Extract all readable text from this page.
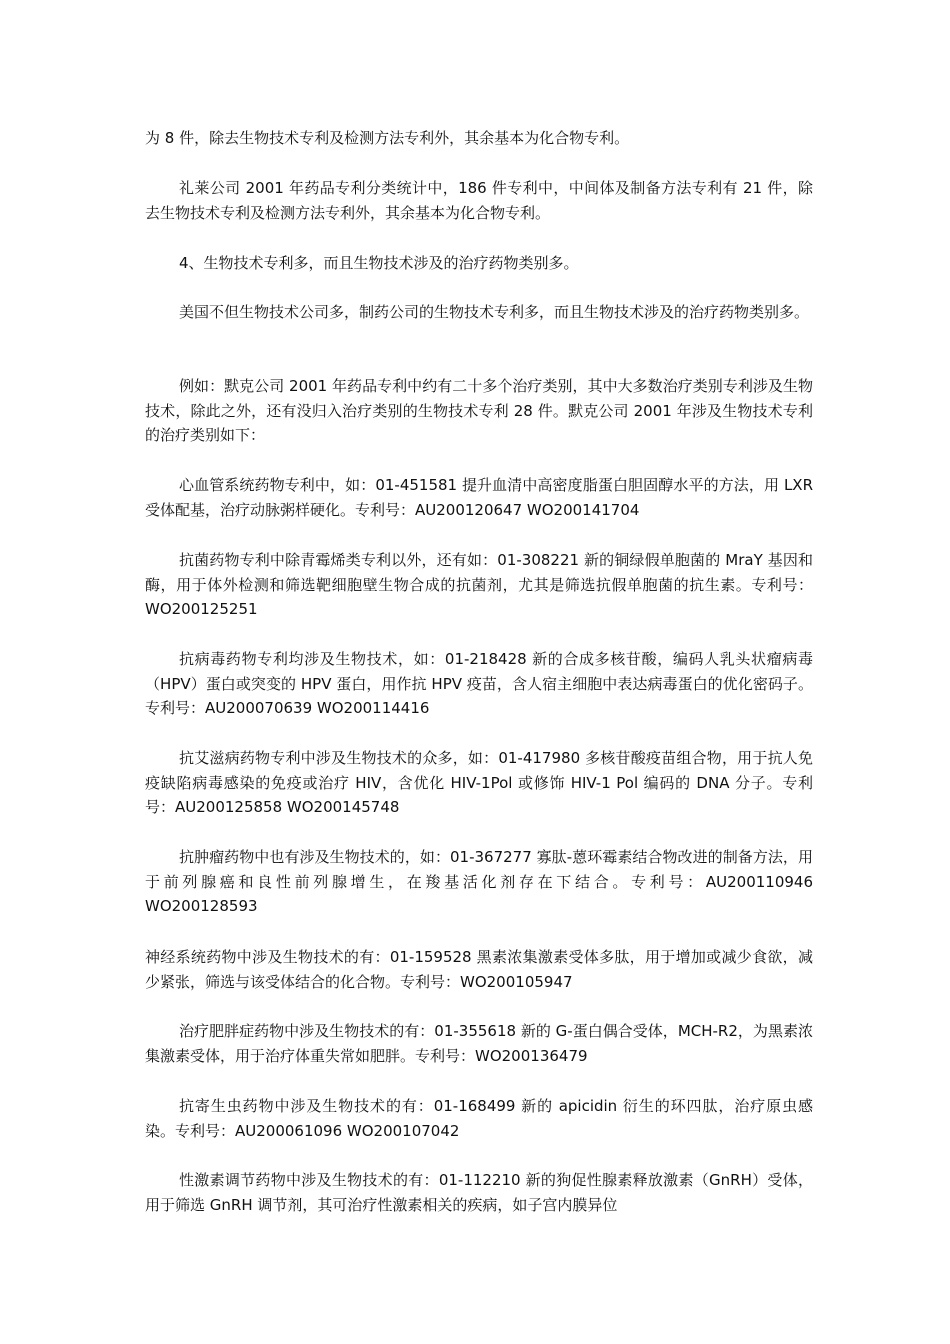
为 8 件，除去生物技术专利及检测方法专利外，其余基本为化合物专利。

礼莱公司 2001 年药品专利分类统计中，186 件专利中，中间体及制备方法专利有 21 件，除去生物技术专利及检测方法专利外，其余基本为化合物专利。

4、生物技术专利多，而且生物技术涉及的治疗药物类别多。

美国不但生物技术公司多，制药公司的生物技术专利多，而且生物技术涉及的治疗药物类别多。

例如：默克公司 2001 年药品专利中约有二十多个治疗类别，其中大多数治疗类别专利涉及生物技术，除此之外，还有没归入治疗类别的生物技术专利 28 件。默克公司 2001 年涉及生物技术专利的治疗类别如下：

心血管系统药物专利中，如：01-451581 提升血清中高密度脂蛋白胆固醇水平的方法，用 LXR 受体配基，治疗动脉粥样硬化。专利号：AU200120647 WO200141704

抗菌药物专利中除青霉烯类专利以外，还有如：01-308221 新的铜绿假单胞菌的 MraY 基因和酶，用于体外检测和筛选靶细胞壁生物合成的抗菌剂，尤其是筛选抗假单胞菌的抗生素。专利号：WO200125251

抗病毒药物专利均涉及生物技术，如：01-218428 新的合成多核苷酸，编码人乳头状瘤病毒（HPV）蛋白或突变的 HPV 蛋白，用作抗 HPV 疫苗，含人宿主细胞中表达病毒蛋白的优化密码子。专利号：AU200070639 WO200114416

抗艾滋病药物专利中涉及生物技术的众多，如：01-417980 多核苷酸疫苗组合物，用于抗人免疫缺陷病毒感染的免疫或治疗 HIV，含优化 HIV-1Pol 或修饰 HIV-1 Pol 编码的 DNA 分子。专利号：AU200125858 WO200145748

抗肿瘤药物中也有涉及生物技术的，如：01-367277 寡肽-蒽环霉素结合物改进的制备方法，用于前列腺癌和良性前列腺增生，在羧基活化剂存在下结合。专利号：AU200110946 WO200128593

神经系统药物中涉及生物技术的有：01-159528 黑素浓集激素受体多肽，用于增加或减少食欲，减少紧张，筛选与该受体结合的化合物。专利号：WO200105947

治疗肥胖症药物中涉及生物技术的有：01-355618 新的 G-蛋白偶合受体，MCH-R2，为黑素浓集激素受体，用于治疗体重失常如肥胖。专利号：WO200136479

抗寄生虫药物中涉及生物技术的有：01-168499 新的 apicidin 衍生的环四肽，治疗原虫感染。专利号：AU200061096 WO200107042

性激素调节药物中涉及生物技术的有：01-112210 新的狗促性腺素释放激素（GnRH）受体，用于筛选 GnRH 调节剂，其可治疗性激素相关的疾病，如子宫内膜异位
